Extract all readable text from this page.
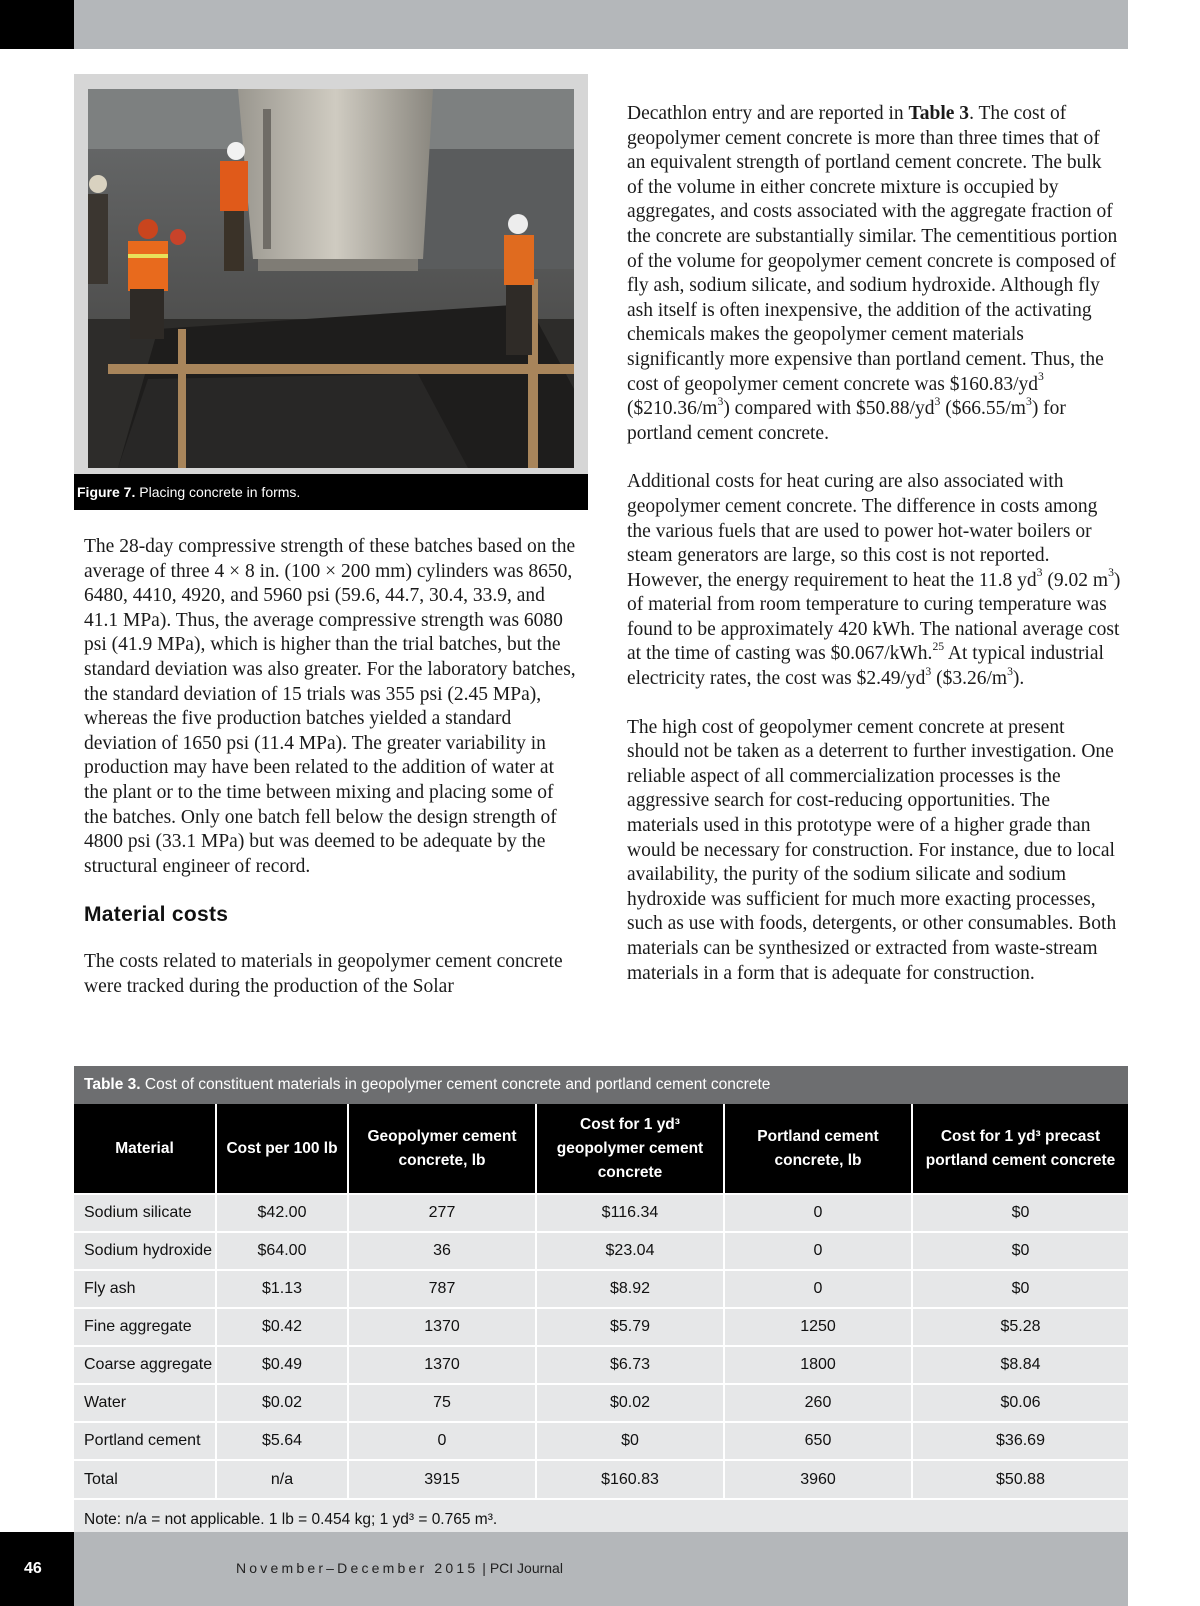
Figure 7. Placing concrete in forms.

The 28-day compressive strength of these batches based on the average of three 4 × 8 in. (100 × 200 mm) cylinders was 8650, 6480, 4410, 4920, and 5960 psi (59.6, 44.7, 30.4, 33.9, and 41.1 MPa). Thus, the average compressive strength was 6080 psi (41.9 MPa), which is higher than the trial batches, but the standard deviation was also greater. For the laboratory batches, the standard deviation of 15 trials was 355 psi (2.45 MPa), whereas the five production batches yielded a standard deviation of 1650 psi (11.4 MPa). The greater variability in production may have been related to the addition of water at the plant or to the time between mixing and placing some of the batches. Only one batch fell below the design strength of 4800 psi (33.1 MPa) but was deemed to be adequate by the structural engineer of record.

Material costs

The costs related to materials in geopolymer cement concrete were tracked during the production of the Solar

Decathlon entry and are reported in Table 3. The cost of geopolymer cement concrete is more than three times that of an equivalent strength of portland cement concrete. The bulk of the volume in either concrete mixture is occupied by aggregates, and costs associated with the aggregate fraction of the concrete are substantially similar. The cementitious portion of the volume for geopolymer cement concrete is composed of fly ash, sodium silicate, and sodium hydroxide. Although fly ash itself is often inexpensive, the addition of the activating chemicals makes the geopolymer cement materials significantly more expensive than portland cement. Thus, the cost of geopolymer cement concrete was $\$160.83/yd^3$ $(\$210.36/m^3)$ compared with $\$50.88/yd^3$ $(\$66.55/m^3)$ for portland cement concrete.

Additional costs for heat curing are also associated with geopolymer cement concrete. The difference in costs among the various fuels that are used to power hot-water boilers or steam generators are large, so this cost is not reported. However, the energy requirement to heat the 11.8 $yd^3$ (9.02 $m^3$) of material from room temperature to curing temperature was found to be approximately 420 kWh. The national average cost at the time of casting was $0.067/kWh.$^{25}$ At typical industrial electricity rates, the cost was $\$2.49/yd^3$ $(\$3.26/m^3)$.

The high cost of geopolymer cement concrete at present should not be taken as a deterrent to further investigation. One reliable aspect of all commercialization processes is the aggressive search for cost-reducing opportunities. The materials used in this prototype were of a higher grade than would be necessary for construction. For instance, due to local availability, the purity of the sodium silicate and sodium hydroxide was sufficient for much more exacting processes, such as use with foods, detergents, or other consumables. Both materials can be synthesized or extracted from waste-stream materials in a form that is adequate for construction.

Table 3. Cost of constituent materials in geopolymer cement concrete and portland cement concrete
Material	Cost per 100 lb	Geopolymer cement concrete, lb	Cost for 1 yd³ geopolymer cement concrete	Portland cement concrete, lb	Cost for 1 yd³ precast portland cement concrete
Sodium silicate	$42.00	277	$116.34	0	$0
Sodium hydroxide	$64.00	36	$23.04	0	$0
Fly ash	$1.13	787	$8.92	0	$0
Fine aggregate	$0.42	1370	$5.79	1250	$5.28
Coarse aggregate	$0.49	1370	$6.73	1800	$8.84
Water	$0.02	75	$0.02	260	$0.06
Portland cement	$5.64	0	$0	650	$36.69
Total	n/a	3915	$160.83	3960	$50.88
Note: n/a = not applicable. 1 lb = 0.454 kg; 1 yd³ = 0.765 m³.
46	November–December 2015 | PCI Journal
